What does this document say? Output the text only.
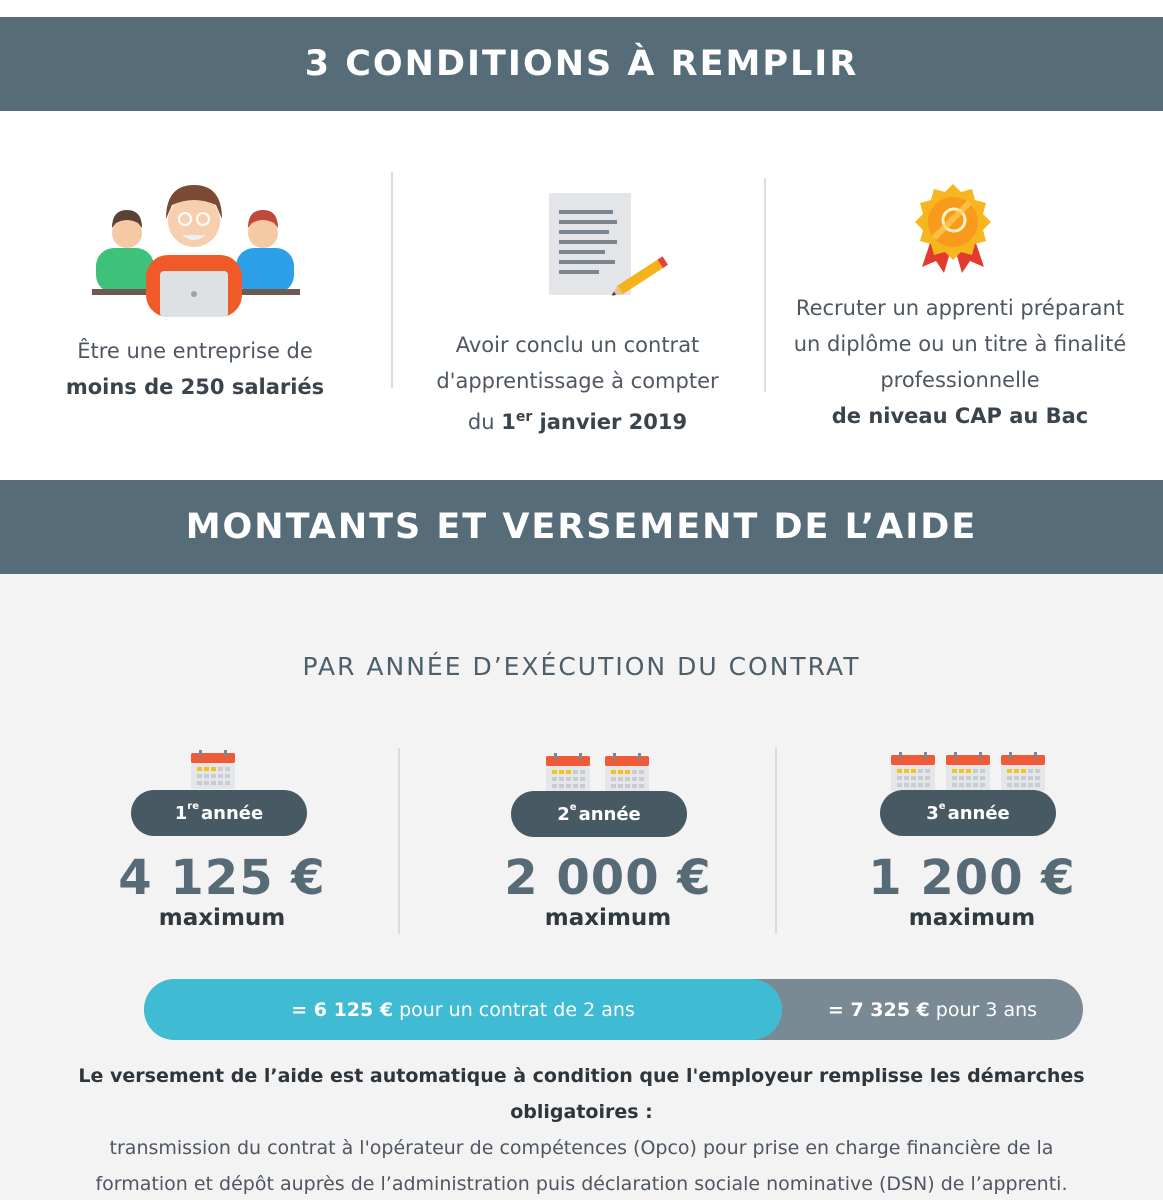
3 CONDITIONS À REMPLIR
Être une entreprise de
moins de 250 salariés
Avoir conclu un contrat
d'apprentissage à compter
du 1er janvier 2019
Recruter un apprenti préparant
un diplôme ou un titre à finalité
professionnelle
de niveau CAP au Bac
MONTANTS ET VERSEMENT DE L’AIDE
PAR ANNÉE D’EXÉCUTION DU CONTRAT
1re année	2e année	3e année
4 125 €
maximum
2 000 €
maximum
1 200 €
maximum
= 6 125 € pour un contrat de 2 ans	= 7 325 € pour 3 ans
Le versement de l’aide est automatique à condition que l'employeur remplisse les démarches obligatoires :
transmission du contrat à l'opérateur de compétences (Opco) pour prise en charge financière de la
formation et dépôt auprès de l’administration puis déclaration sociale nominative (DSN) de l’apprenti.
